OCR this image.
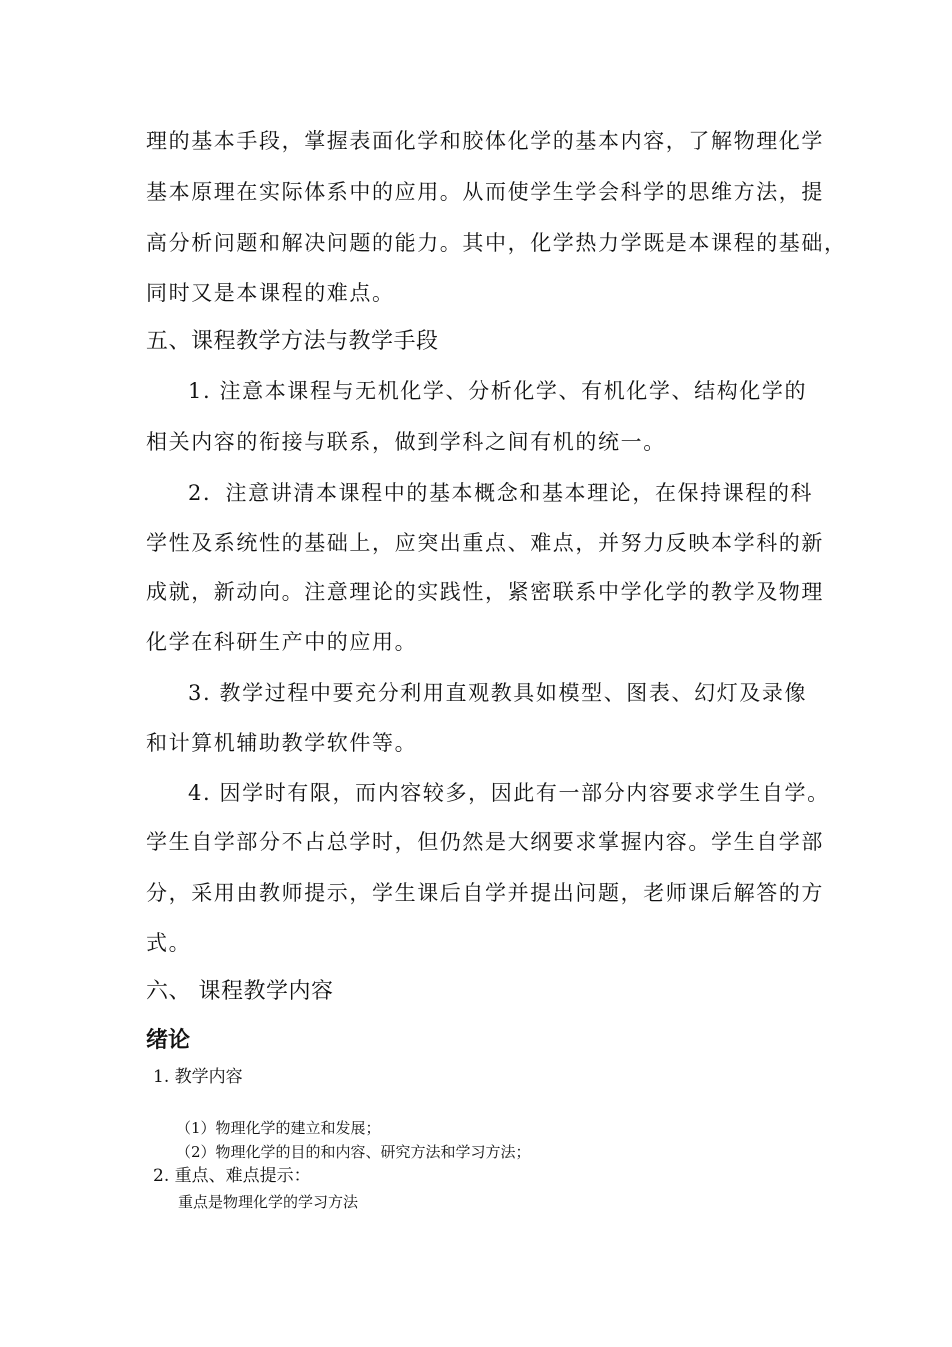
理的基本手段，掌握表面化学和胶体化学的基本内容，了解物理化学
基本原理在实际体系中的应用。从而使学生学会科学的思维方法，提
高分析问题和解决问题的能力。其中，化学热力学既是本课程的基础，
同时又是本课程的难点。
五、课程教学方法与教学手段
1. 注意本课程与无机化学、分析化学、有机化学、结构化学的
相关内容的衔接与联系，做到学科之间有机的统一。
2．注意讲清本课程中的基本概念和基本理论，在保持课程的科
学性及系统性的基础上，应突出重点、难点，并努力反映本学科的新
成就，新动向。注意理论的实践性，紧密联系中学化学的教学及物理
化学在科研生产中的应用。
3. 教学过程中要充分利用直观教具如模型、图表、幻灯及录像
和计算机辅助教学软件等。
4. 因学时有限，而内容较多，因此有一部分内容要求学生自学。
学生自学部分不占总学时，但仍然是大纲要求掌握内容。学生自学部
分，采用由教师提示，学生课后自学并提出问题，老师课后解答的方
式。
六、 课程教学内容
绪论
1. 教学内容
（1）物理化学的建立和发展；
（2）物理化学的目的和内容、研究方法和学习方法；
2. 重点、难点提示：
重点是物理化学的学习方法
